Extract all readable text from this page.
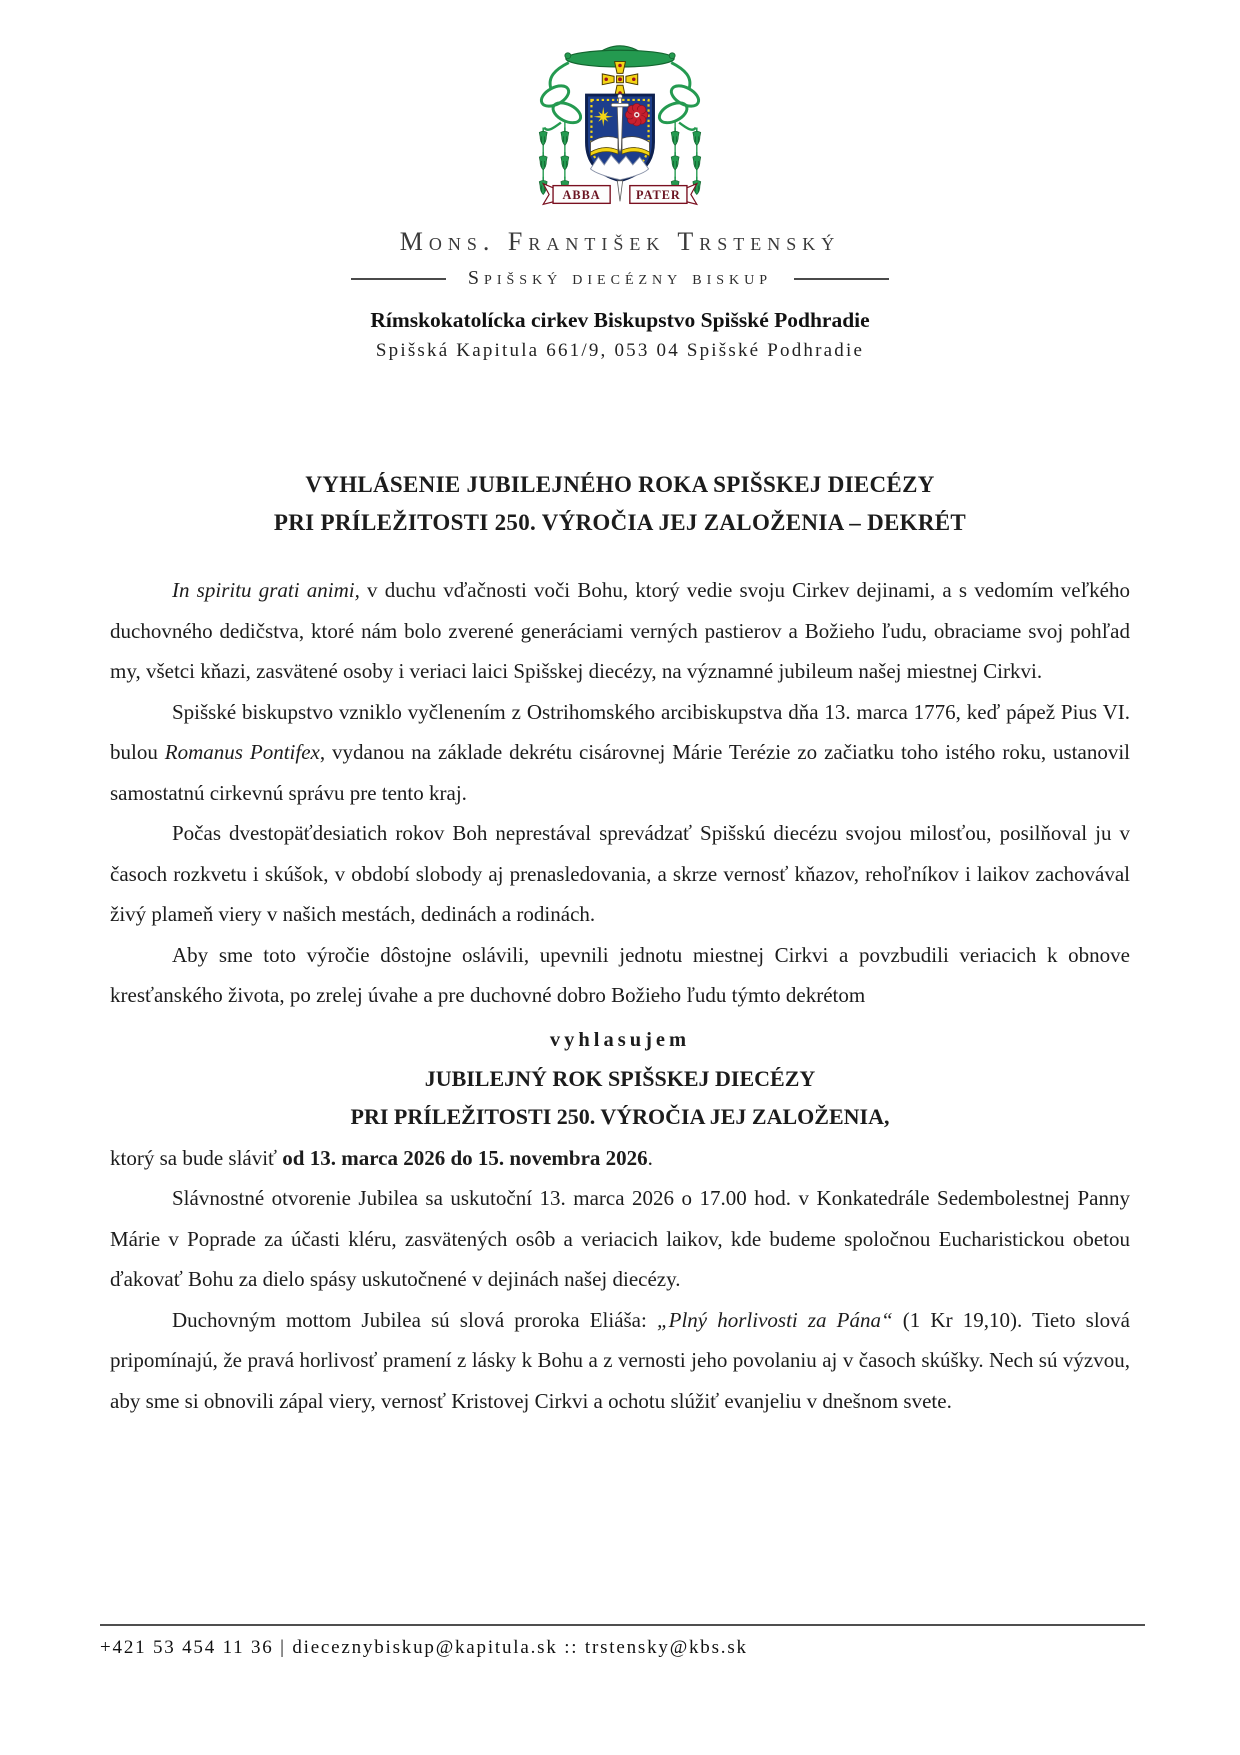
ABBA	PATER
Mons. František Trstenský
Spišský diecézny biskup
Rímskokatolícka cirkev Biskupstvo Spišské Podhradie
Spišská Kapitula 661/9, 053 04 Spišské Podhradie
VYHLÁSENIE JUBILEJNÉHO ROKA SPIŠSKEJ DIECÉZY
PRI PRÍLEŽITOSTI 250. VÝROČIA JEJ ZALOŽENIA – DEKRÉT

In spiritu grati animi, v duchu vďačnosti voči Bohu, ktorý vedie svoju Cirkev dejinami, a s vedomím veľkého duchovného dedičstva, ktoré nám bolo zverené generáciami verných pastierov a Božieho ľudu, obraciame svoj pohľad my, všetci kňazi, zasvätené osoby i veriaci laici Spišskej diecézy, na významné jubileum našej miestnej Cirkvi.

Spišské biskupstvo vzniklo vyčlenením z Ostrihomského arcibiskupstva dňa 13. marca 1776, keď pápež Pius VI. bulou Romanus Pontifex, vydanou na základe dekrétu cisárovnej Márie Terézie zo začiatku toho istého roku, ustanovil samostatnú cirkevnú správu pre tento kraj.

Počas dvestopäťdesiatich rokov Boh neprestával sprevádzať Spišskú diecézu svojou milosťou, posilňoval ju v časoch rozkvetu i skúšok, v období slobody aj prenasledovania, a skrze vernosť kňazov, rehoľníkov i laikov zachovával živý plameň viery v našich mestách, dedinách a rodinách.

Aby sme toto výročie dôstojne oslávili, upevnili jednotu miestnej Cirkvi a povzbudili veriacich k obnove kresťanského života, po zrelej úvahe a pre duchovné dobro Božieho ľudu týmto dekrétom

vyhlasujem
JUBILEJNÝ ROK SPIŠSKEJ DIECÉZY
PRI PRÍLEŽITOSTI 250. VÝROČIA JEJ ZALOŽENIA,

ktorý sa bude sláviť od 13. marca 2026 do 15. novembra 2026.

Slávnostné otvorenie Jubilea sa uskutoční 13. marca 2026 o 17.00 hod. v Konkatedrále Sedembolestnej Panny Márie v Poprade za účasti kléru, zasvätených osôb a veriacich laikov, kde budeme spoločnou Eucharistickou obetou ďakovať Bohu za dielo spásy uskutočnené v dejinách našej diecézy.

Duchovným mottom Jubilea sú slová proroka Eliáša: „Plný horlivosti za Pána“ (1 Kr 19,10). Tieto slová pripomínajú, že pravá horlivosť pramení z lásky k Bohu a z vernosti jeho povolaniu aj v časoch skúšky. Nech sú výzvou, aby sme si obnovili zápal viery, vernosť Kristovej Cirkvi a ochotu slúžiť evanjeliu v dnešnom svete.

+421 53 454 11 36 | dieceznybiskup@kapitula.sk :: trstensky@kbs.sk
